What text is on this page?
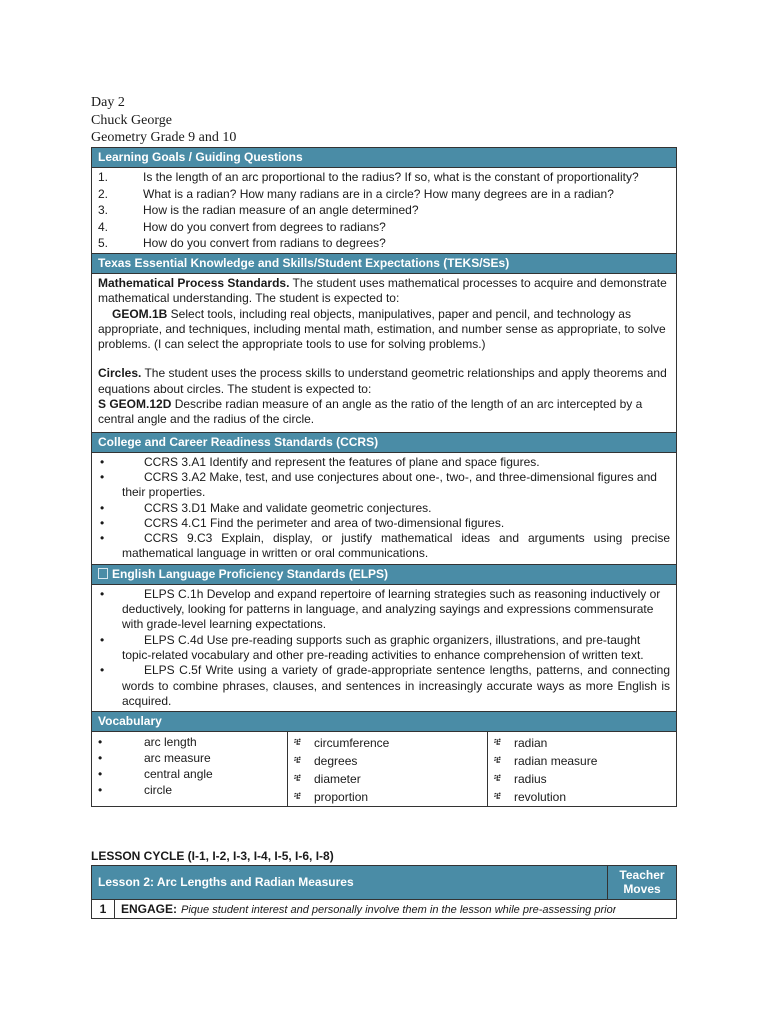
Day 2
Chuck George
Geometry Grade 9 and 10
Learning Goals / Guiding Questions
1.	Is the length of an arc proportional to the radius? If so, what is the constant of proportionality?
2.	What is a radian? How many radians are in a circle? How many degrees are in a radian?
3.	How is the radian measure of an angle determined?
4.	How do you convert from degrees to radians?
5.	How do you convert from radians to degrees?
Texas Essential Knowledge and Skills/Student Expectations (TEKS/SEs)

Mathematical Process Standards. The student uses mathematical processes to acquire and demonstrate mathematical understanding. The student is expected to:

GEOM.1B Select tools, including real objects, manipulatives, paper and pencil, and technology as appropriate, and techniques, including mental math, estimation, and number sense as appropriate, to solve problems. (I can select the appropriate tools to use for solving problems.)

Circles. The student uses the process skills to understand geometric relationships and apply theorems and equations about circles. The student is expected to:

S GEOM.12D Describe radian measure of an angle as the ratio of the length of an arc intercepted by a central angle and the radius of the circle.

College and Career Readiness Standards (CCRS)
•	CCRS 3.A1 Identify and represent the features of plane and space figures.
•	CCRS 3.A2 Make, test, and use conjectures about one-, two-, and three-dimensional figures and their properties.
•	CCRS 3.D1 Make and validate geometric conjectures.
•	CCRS 4.C1 Find the perimeter and area of two-dimensional figures.
•	CCRS 9.C3 Explain, display, or justify mathematical ideas and arguments using precise mathematical language in written or oral communications.
English Language Proficiency Standards (ELPS)
•	ELPS C.1h Develop and expand repertoire of learning strategies such as reasoning inductively or deductively, looking for patterns in language, and analyzing sayings and expressions commensurate with grade-level learning expectations.
•	ELPS C.4d Use pre-reading supports such as graphic organizers, illustrations, and pre-taught topic-related vocabulary and other pre-reading activities to enhance comprehension of written text.
•	ELPS C.5f Write using a variety of grade-appropriate sentence lengths, patterns, and connecting words to combine phrases, clauses, and sentences in increasingly accurate ways as more English is acquired.
Vocabulary
•	arc length
•	arc measure
•	central angle
•	circle
ቼ	circumference
ቼ	degrees
ቼ	diameter
ቼ	proportion
ቼ	radian
ቼ	radian measure
ቼ	radius
ቼ	revolution
LESSON CYCLE (I-1, I-2, I-3, I-4, I-5, I-6, I-8)
Lesson 2: Arc Lengths and Radian Measures	Teacher Moves
1	ENGAGE: Pique student interest and personally involve them in the lesson while pre-assessing prior
